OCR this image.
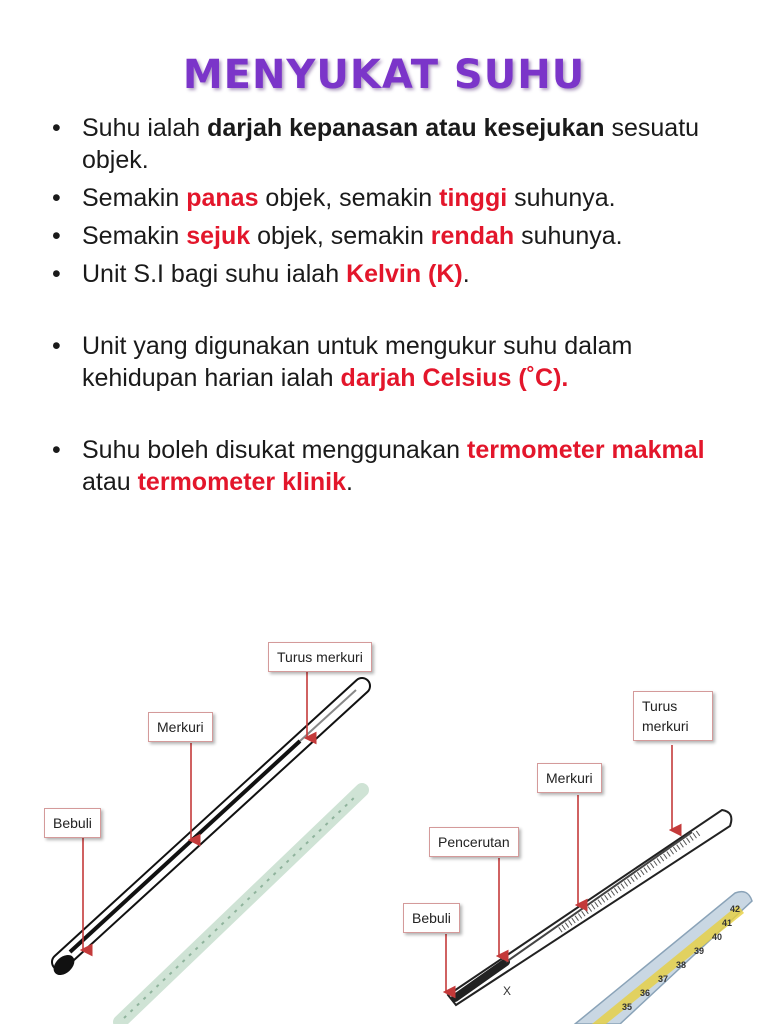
MENYUKAT SUHU
• Suhu ialah darjah kepanasan atau kesejukan sesuatu objek.
• Semakin panas objek, semakin tinggi suhunya.
• Semakin sejuk objek, semakin rendah suhunya.
• Unit S.I bagi suhu ialah Kelvin (K).
• Unit yang digunakan untuk mengukur suhu dalam kehidupan harian ialah darjah Celsius (˚C).
• Suhu boleh disukat menggunakan termometer makmal atau termometer klinik.
X
35
36
37
38
39
40
41
42
Turus merkuri
Merkuri
Bebuli
Turus merkuri
Merkuri
Pencerutan
Bebuli
